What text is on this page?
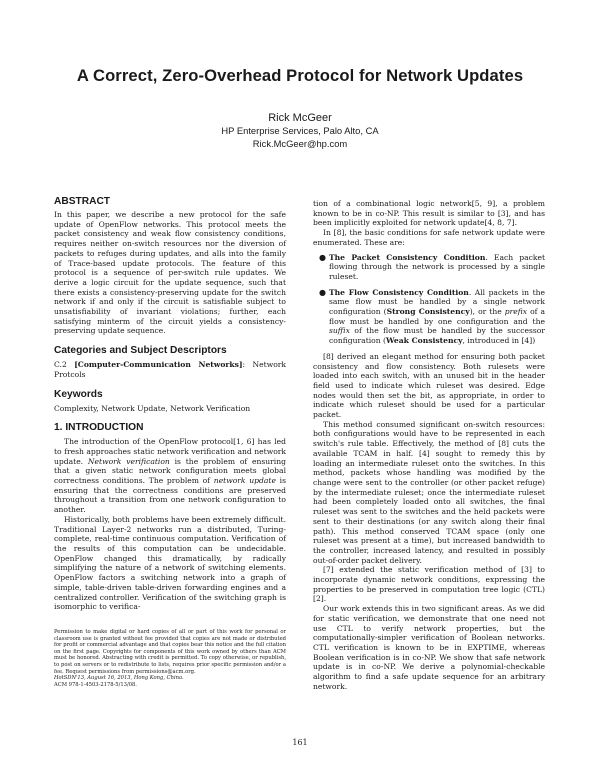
A Correct, Zero-Overhead Protocol for Network Updates
Rick McGeer
HP Enterprise Services, Palo Alto, CA
Rick.McGeer@hp.com
ABSTRACT

In this paper, we describe a new protocol for the safe update of OpenFlow networks. This protocol meets the packet consistency and weak flow consistency conditions, requires neither on-switch resources nor the diversion of packets to refuges during updates, and alls into the family of Trace-based update protocols. The feature of this protocol is a sequence of per-switch rule updates. We derive a logic circuit for the update sequence, such that there exists a consistency-preserving update for the switch network if and only if the circuit is satisfiable subject to unsatisfiability of invariant violations; further, each satisfying minterm of the circuit yields a consistency-preserving update sequence.

Categories and Subject Descriptors

C.2 [Computer-Communication Networks]: Network Protcols

Keywords

Complexity, Network Update, Network Verification

1. INTRODUCTION

The introduction of the OpenFlow protocol[1, 6] has led to fresh approaches static network verification and network update. Network verification is the problem of ensuring that a given static network configuration meets global correctness conditions. The problem of network update is ensuring that the correctness conditions are preserved throughout a transition from one network configuration to another.

Historically, both problems have been extremely difficult. Traditional Layer-2 networks run a distributed, Turing-complete, real-time continuous computation. Verification of the results of this computation can be undecidable. OpenFlow changed this dramatically, by radically simplifying the nature of a network of switching elements. OpenFlow factors a switching network into a graph of simple, table-driven table-driven forwarding engines and a centralized controller. Verification of the switching graph is isomorphic to verifica-

Permission to make digital or hard copies of all or part of this work for personal or classroom use is granted without fee provided that copies are not made or distributed for profit or commercial advantage and that copies bear this notice and the full citation on the first page. Copyrights for components of this work owned by others than ACM must be honored. Abstracting with credit is permitted. To copy otherwise, or republish, to post on servers or to redistribute to lists, requires prior specific permission and/or a fee. Request permissions from permissions@acm.org.

HotSDN'13, August 16, 2013, Hong Kong, China.

ACM 978-1-4503-2178-5/13/08.

tion of a combinational logic network[5, 9], a problem known to be in co-NP. This result is similar to [3], and has been implicitly exploited for network update[4, 8, 7].

In [8], the basic conditions for safe network update were enumerated. These are:

● The Packet Consistency Condition. Each packet flowing through the network is processed by a single ruleset.
● The Flow Consistency Condition. All packets in the same flow must be handled by a single network configuration (Strong Consistency), or the prefix of a flow must be handled by one configuration and the suffix of the flow must be handled by the successor configuration (Weak Consistency, introduced in [4])

[8] derived an elegant method for ensuring both packet consistency and flow consistency. Both rulesets were loaded into each switch, with an unused bit in the header field used to indicate which ruleset was desired. Edge nodes would then set the bit, as appropriate, in order to indicate which ruleset should be used for a particular packet.

This method consumed significant on-switch resources: both configurations would have to be represented in each switch's rule table. Effectively, the method of [8] cuts the available TCAM in half. [4] sought to remedy this by loading an intermediate ruleset onto the switches. In this method, packets whose handling was modified by the change were sent to the controller (or other packet refuge) by the intermediate ruleset; once the intermediate ruleset had been completely loaded onto all switches, the final ruleset was sent to the switches and the held packets were sent to their destinations (or any switch along their final path). This method conserved TCAM space (only one ruleset was present at a time), but increased bandwidth to the controller, increased latency, and resulted in possibly out-of-order packet delivery.

[7] extended the static verification method of [3] to incorporate dynamic network conditions, expressing the properties to be preserved in computation tree logic (CTL)[2].

Our work extends this in two significant areas. As we did for static verification, we demonstrate that one need not use CTL to verify network properties, but the computationally-simpler verification of Boolean networks. CTL verification is known to be in EXPTIME, whereas Boolean verification is in co-NP. We show that safe network update is in co-NP. We derive a polynomial-checkable algorithm to find a safe update sequence for an arbitrary network.

161
